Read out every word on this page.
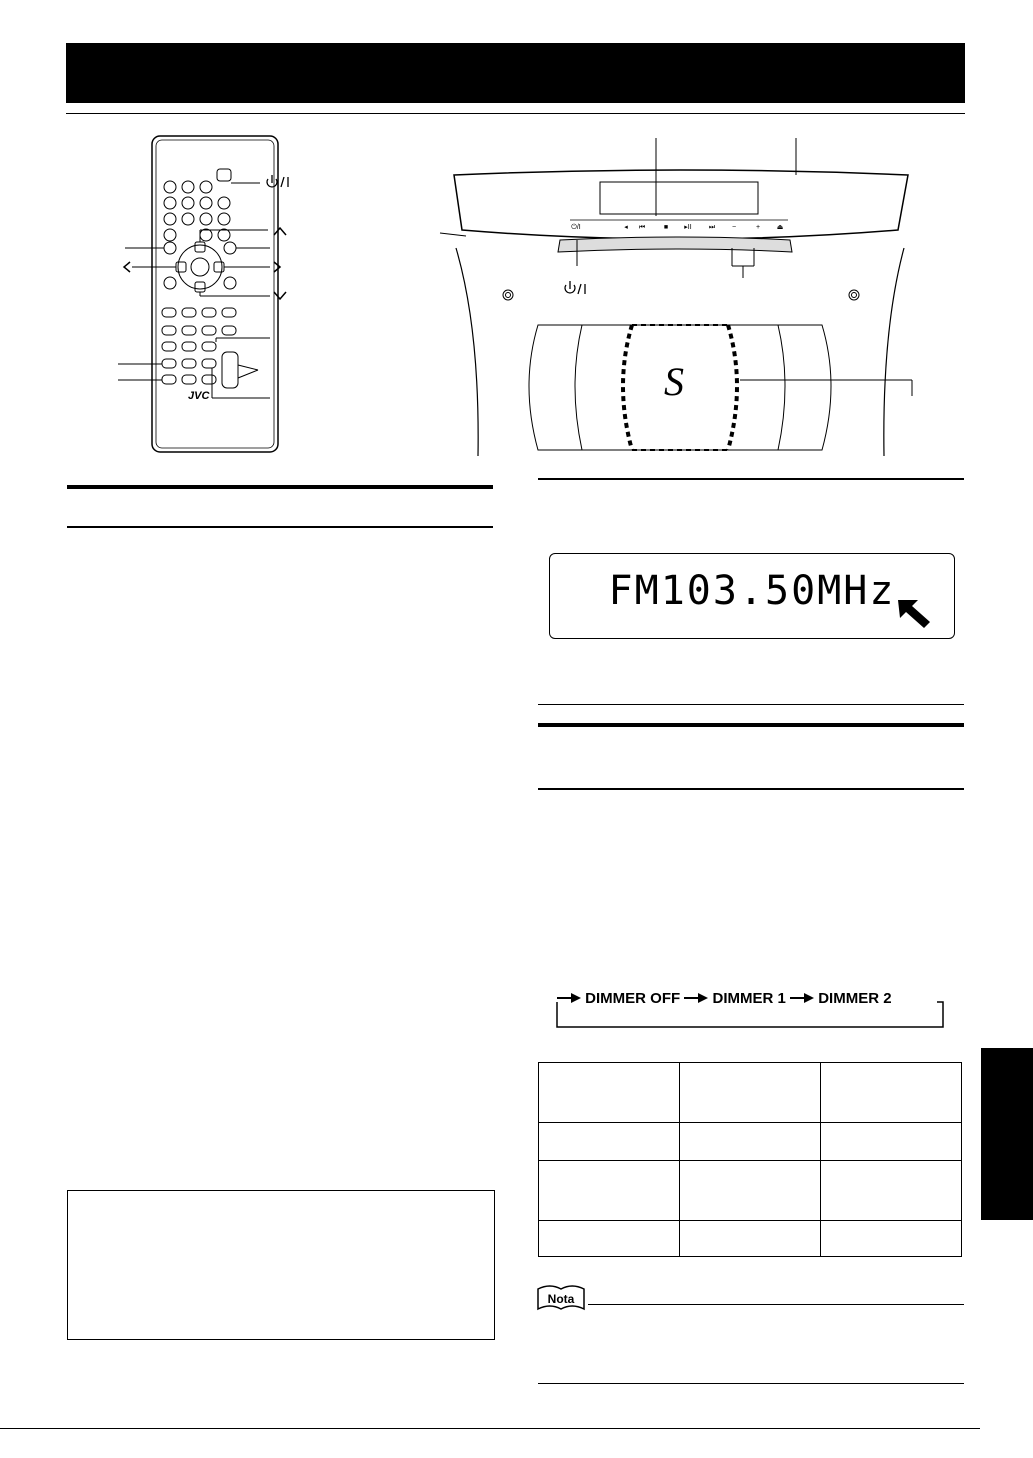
JVC
⏻/I	◂ ⏮	■ ▸II ⏭ −	+ ⏏
S
FM103.50MHz
DIMMER OFF DIMMER 1 DIMMER 2

Nota
